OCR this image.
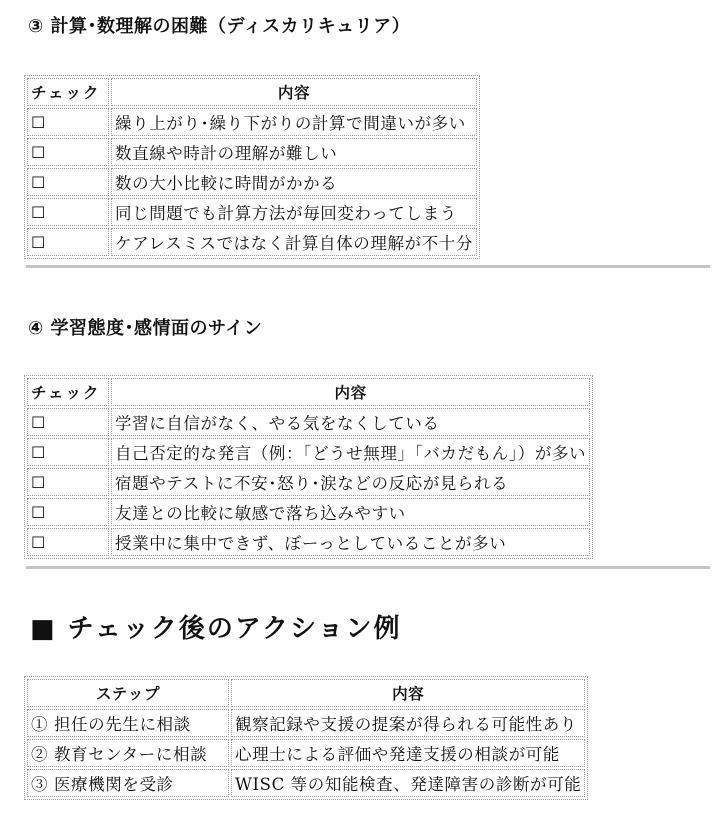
③ 計算･数理解の困難（ディスカリキュリア）
チェック	内容
☐	繰り上がり･繰り下がりの計算で間違いが多い
☐	数直線や時計の理解が難しい
☐	数の大小比較に時間がかかる
☐	同じ問題でも計算方法が毎回変わってしまう
☐	ケアレスミスではなく計算自体の理解が不十分
④ 学習態度･感情面のサイン
チェック	内容
☐	学習に自信がなく、やる気をなくしている
☐	自己否定的な発言（例：「どうせ無理」「バカだもん」）が多い
☐	宿題やテストに不安･怒り･涙などの反応が見られる
☐	友達との比較に敏感で落ち込みやすい
☐	授業中に集中できず、ぼーっとしていることが多い
■ チェック後のアクション例
ステップ	内容
① 担任の先生に相談	観察記録や支援の提案が得られる可能性あり
② 教育センターに相談	心理士による評価や発達支援の相談が可能
③ 医療機関を受診	WISC 等の知能検査、発達障害の診断が可能
